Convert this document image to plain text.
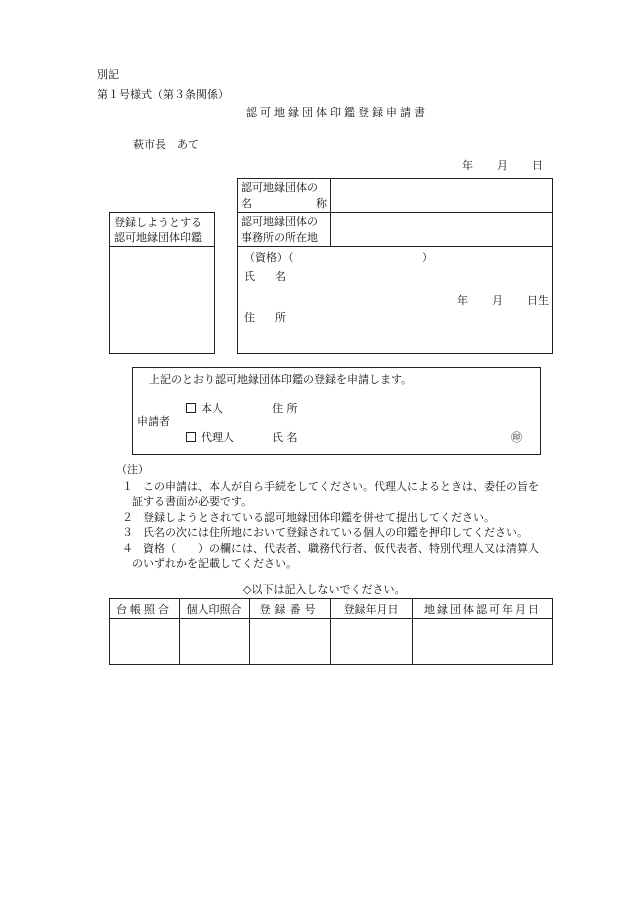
別記
第１号様式（第３条関係）
認可地縁団体印鑑登録申請書
萩市長　あて
年 月 日
登録しようとする
認可地縁団体印鑑
認可地縁団体の
名	称
認可地縁団体の
事務所の所在地
（資格）（	）
氏 名
年 月 日生
住 所
上記のとおり認可地縁団体印鑑の登録を申請します。
申請者
本人
代理人
住 所
氏 名	㊞
（注）
１ この申請は、本人が自ら手続をしてください。代理人によるときは、委任の旨を
証する書面が必要です。
２ 登録しようとされている認可地縁団体印鑑を併せて提出してください。
３ 氏名の次には住所地において登録されている個人の印鑑を押印してください。
４ 資格（　　）の欄には、代表者、職務代行者、仮代表者、特別代理人又は清算人
のいずれかを記載してください。
◇以下は記入しないでください。
台帳照合	個人印照合	登録番号	登録年月日	地縁団体認可年月日
